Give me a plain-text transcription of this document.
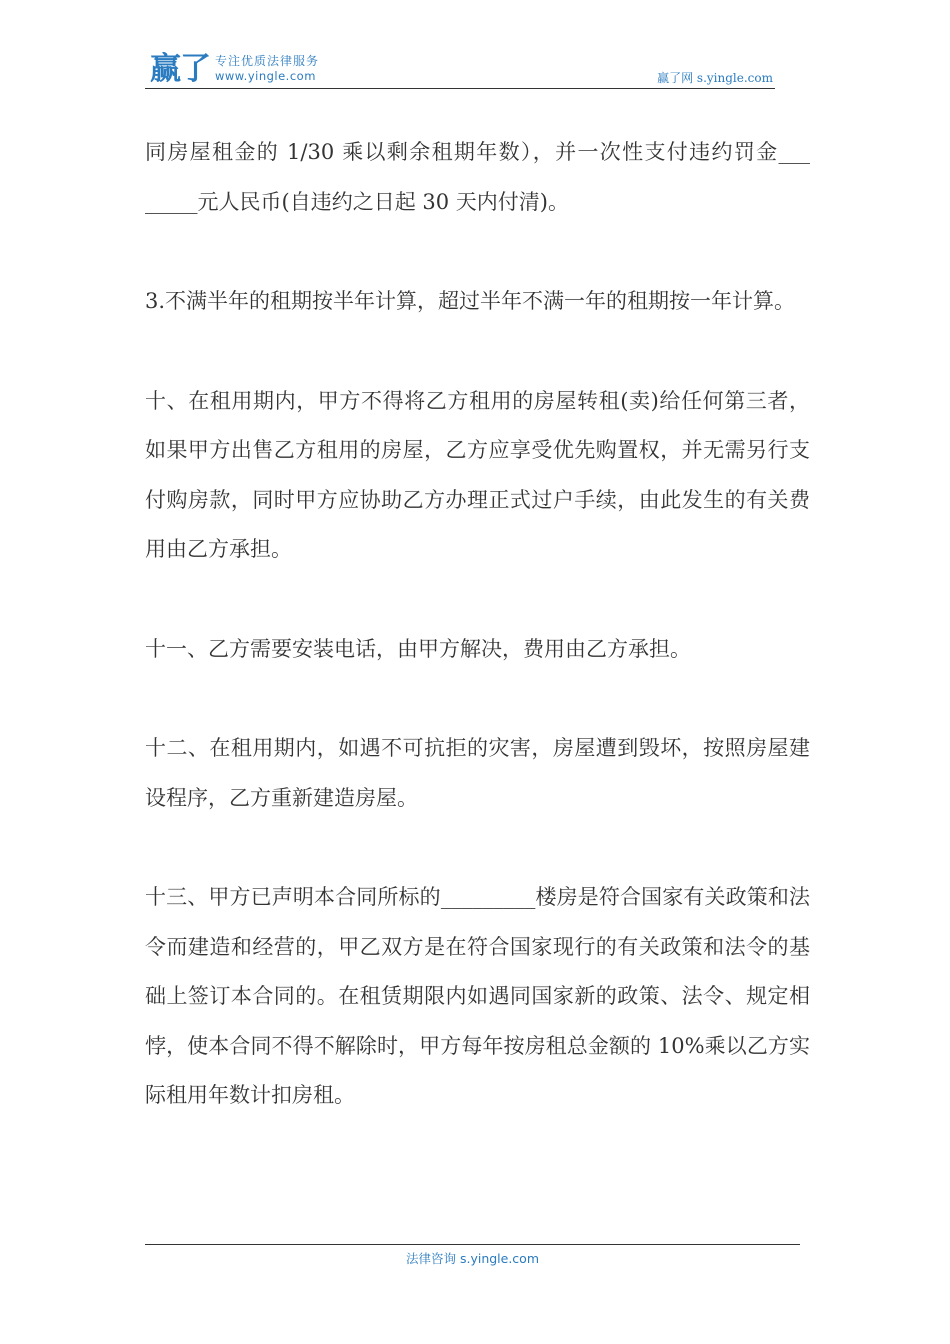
赢了 专注优质法律服务
www.yingle.com	赢了网 s.yingle.com

同房屋租金的 1/30 乘以剩余租期年数），并一次性支付违约罚金___ _____元人民币(自违约之日起 30 天内付清)。

3.不满半年的租期按半年计算，超过半年不满一年的租期按一年计算。

十、在租用期内，甲方不得将乙方租用的房屋转租(卖)给任何第三者，如果甲方出售乙方租用的房屋，乙方应享受优先购置权，并无需另行支付购房款，同时甲方应协助乙方办理正式过户手续，由此发生的有关费用由乙方承担。

十一、乙方需要安装电话，由甲方解决，费用由乙方承担。

十二、在租用期内，如遇不可抗拒的灾害，房屋遭到毁坏，按照房屋建设程序，乙方重新建造房屋。

十三、甲方已声明本合同所标的_________楼房是符合国家有关政策和法令而建造和经营的，甲乙双方是在符合国家现行的有关政策和法令的基础上签订本合同的。在租赁期限内如遇同国家新的政策、法令、规定相悖，使本合同不得不解除时，甲方每年按房租总金额的 10%乘以乙方实际租用年数计扣房租。

法律咨询 s.yingle.com
